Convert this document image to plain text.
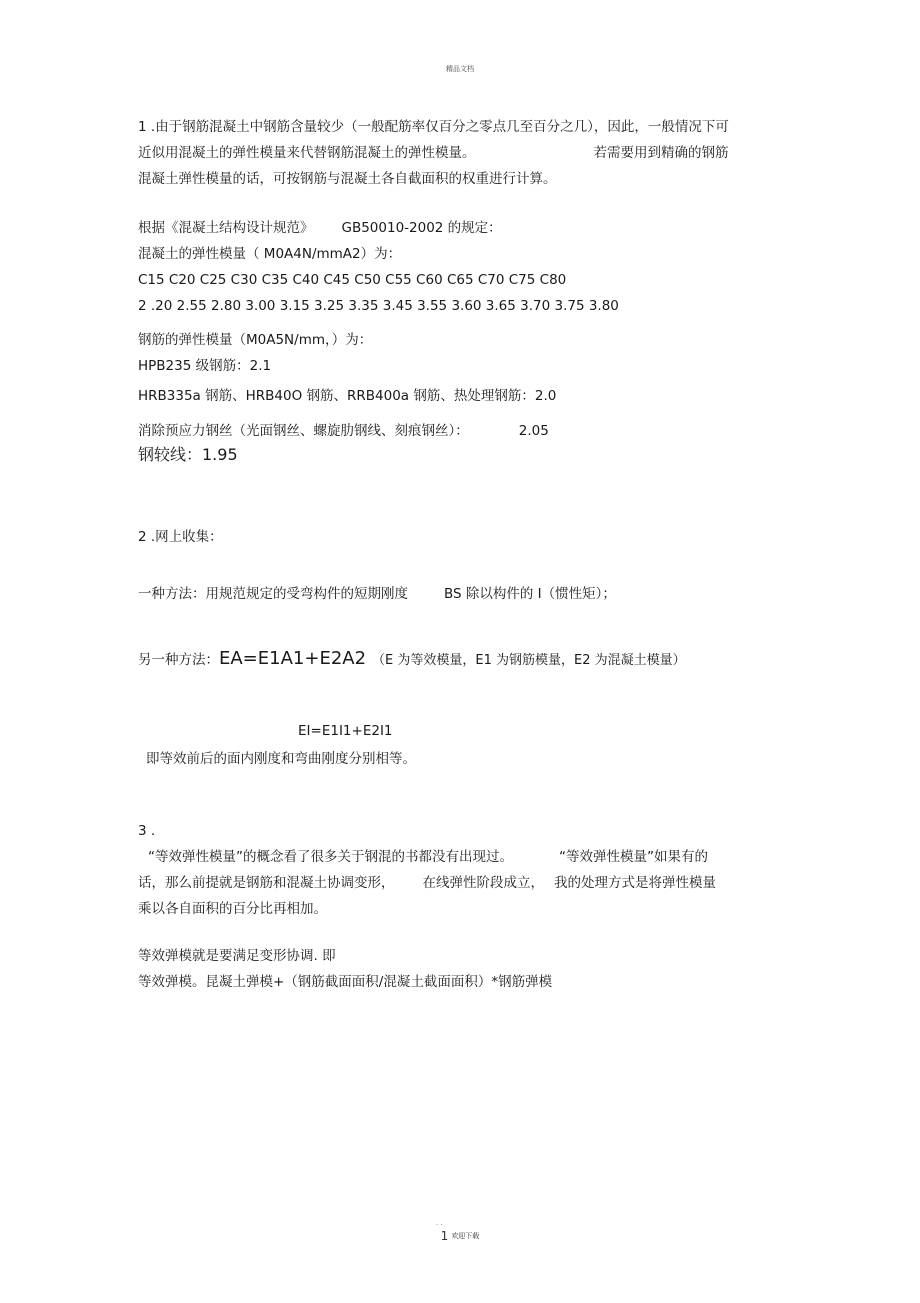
精品文档
1 .由于钢筋混凝土中钢筋含量较少（一般配筋率仅百分之零点几至百分之几），因此，一般情况下可
近似用混凝土的弹性模量来代替钢筋混凝土的弹性模量。	若需要用到精确的钢筋
混凝土弹性模量的话，可按钢筋与混凝土各自截面积的权重进行计算。
根据《混凝土结构设计规范》 GB50010-2002 的规定：
混凝土的弹性模量（ M0A4N/mmA2）为：
C15 C20 C25 C30 C35 C40 C45 C50 C55 C60 C65 C70 C75 C80
2 .20 2.55 2.80 3.00 3.15 3.25 3.35 3.45 3.55 3.60 3.65 3.70 3.75 3.80
钢筋的弹性模量（M0A5N/mm，）为：
HPB235 级钢筋：2.1
HRB335a 钢筋、HRB40O 钢筋、RRB400a 钢筋、热处理钢筋：2.0
消除预应力钢丝（光面钢丝、螺旋肋钢线、刻痕钢丝）：	2.05
钢较线：1.95
2 .网上收集：
一种方法：用规范规定的受弯构件的短期刚度	BS 除以构件的 I（惯性矩）；
另一种方法：EA=E1A1+E2A2 （E 为等效模量，E1 为钢筋模量，E2 为混凝土模量）
EI=E1I1+E2I1
即等效前后的面内刚度和弯曲刚度分别相等。
3 .
“等效弹性模量”的概念看了很多关于钢混的书都没有出现过。	“等效弹性模量”如果有的
话，那么前提就是钢筋和混凝土协调变形， 在线弹性阶段成立， 我的处理方式是将弹性模量
乘以各自面积的百分比再相加。
等效弹模就是要满足变形协调. 即
等效弹模。昆凝土弹模+（钢筋截面面积/混凝土截面面积）*钢筋弹模
. .
1 欢迎下载
